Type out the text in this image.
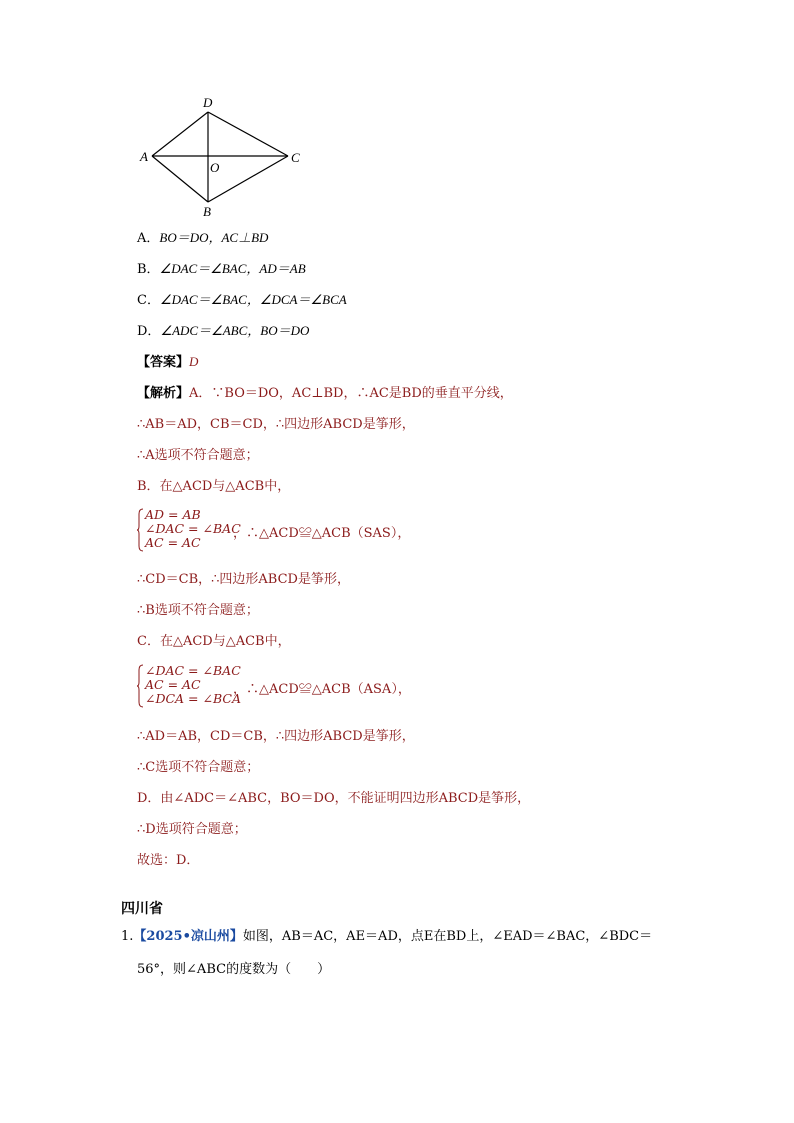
D
A
O
C
B
A．BO＝DO，AC⊥BD
B．∠DAC＝∠BAC，AD＝AB
C．∠DAC＝∠BAC，∠DCA＝∠BCA
D．∠ADC＝∠ABC，BO＝DO
【答案】D
【解析】A．∵BO＝DO，AC⊥BD，∴AC是BD的垂直平分线，
∴AB＝AD，CB＝CD，∴四边形ABCD是筝形，
∴A选项不符合题意；
B．在△ACD与△ACB中，
AD = AB
∠DAC = ∠BAC
AC = AC
，∴△ACD≌△ACB（SAS），
∴CD＝CB，∴四边形ABCD是筝形，
∴B选项不符合题意；
C．在△ACD与△ACB中，
∠DAC = ∠BAC
AC = AC
∠DCA = ∠BCA
，∴△ACD≌△ACB（ASA），
∴AD＝AB，CD＝CB，∴四边形ABCD是筝形，
∴C选项不符合题意；
D．由∠ADC＝∠ABC，BO＝DO，不能证明四边形ABCD是筝形，
∴D选项符合题意；
故选：D．
四川省
1.【2025•凉山州】如图，AB＝AC，AE＝AD，点E在BD上，∠EAD＝∠BAC，∠BDC＝
56°，则∠ABC的度数为（　　）
